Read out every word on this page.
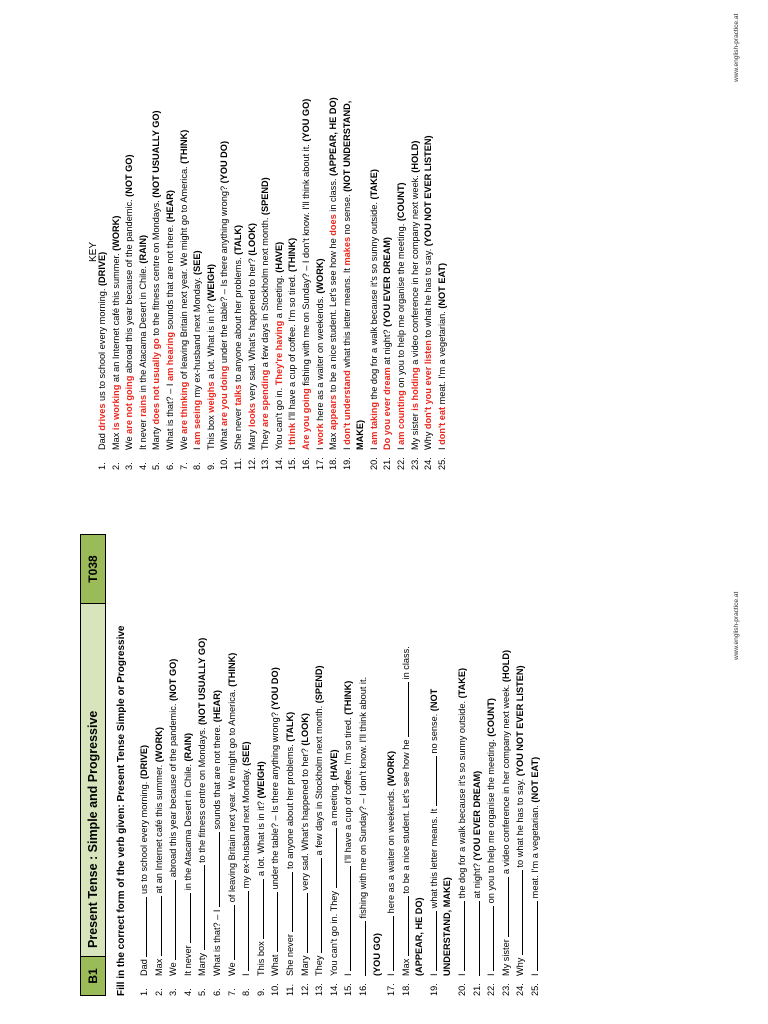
B1
Present Tense : Simple and Progressive
T038

Fill in the correct form of the verb given: Present Tense Simple or Progressive 1.Dad  us to school every morning. (DRIVE)
2.Max  at an Internet café this summer. (WORK)
3.We  abroad this year because of the pandemic. (NOT GO)
4.It never  in the Atacama Desert in Chile. (RAIN)
5.Marty  to the fitness centre on Mondays. (NOT USUALLY GO)
6.What is that? – I  sounds that are not there. (HEAR)
7.We  of leaving Britain next year. We might go to America. (THINK)
8.I  my ex-husband next Monday. (SEE)
9.This box  a lot. What is in it? (WEIGH)
10.What  under the table? – Is there anything wrong? (YOU DO)
11.She never  to anyone about her problems. (TALK)
12.Mary  very sad. What's happened to her? (LOOK)
13.They  a few days in Stockholm next month. (SPEND)
14.You can't go in. They  a meeting. (HAVE)
15.I  I'll have a cup of coffee. I'm so tired. (THINK)
16. fishing with me on Sunday? – I don't know. I'll think about it.
(YOU GO)
17.I  here as a waiter on weekends. (WORK)
18.Max  to be a nice student. Let's see how he  in class.
(APPEAR, HE DO)
19.I  what this letter means. It  no sense. (NOT
UNDERSTAND, MAKE)
20.I  the dog for a walk because it's so sunny outside. (TAKE)
21. at night? (YOU EVER DREAM)
22.I  on you to help me organise the meeting. (COUNT)
23.My sister  a video conference in her company next week. (HOLD)
24.Why  to what he has to say. (YOU NOT EVER LISTEN)
25.I  meat. I'm a vegetarian. (NOT EAT)
1.Dad drives us to school every morning. (DRIVE)
2.Max is working at an Internet café this summer. (WORK)
3.We are not going abroad this year because of the pandemic. (NOT GO)
4.It never rains in the Atacama Desert in Chile. (RAIN)
5.Marty does not usually go to the fitness centre on Mondays. (NOT USUALLY GO)
6.What is that? – I am hearing sounds that are not there. (HEAR)
7.We are thinking of leaving Britain next year. We might go to America. (THINK)
8.I am seeing my ex-husband next Monday. (SEE)
9.This box weighs a lot. What is in it? (WEIGH)
10.What are you doing under the table? – Is there anything wrong? (YOU DO)
11.She never talks to anyone about her problems. (TALK)
12.Mary looks very sad. What's happened to her? (LOOK)
13.They are spending a few days in Stockholm next month. (SPEND)
14.You can't go in. They're having a meeting. (HAVE)
15.I think I'll have a cup of coffee. I'm so tired. (THINK)
16.Are you going fishing with me on Sunday? – I don't know. I'll think about it. (YOU GO)
17.I work here as a waiter on weekends. (WORK)
18.Max appears to be a nice student. Let's see how he does in class. (APPEAR, HE DO)
19.I don't understand what this letter means. It makes no sense. (NOT UNDERSTAND,
MAKE)
20.I am taking the dog for a walk because it's so sunny outside. (TAKE)
21.Do you ever dream at night? (YOU EVER DREAM)
22.I am counting on you to help me organise the meeting. (COUNT)
23.My sister is holding a video conference in her company next week. (HOLD)
24.Why don't you ever listen to what he has to say. (YOU NOT EVER LISTEN)
25.I don't eat meat. I'm a vegetarian. (NOT EAT)
KEY
www.english-practice.at
www.english-practice.at
